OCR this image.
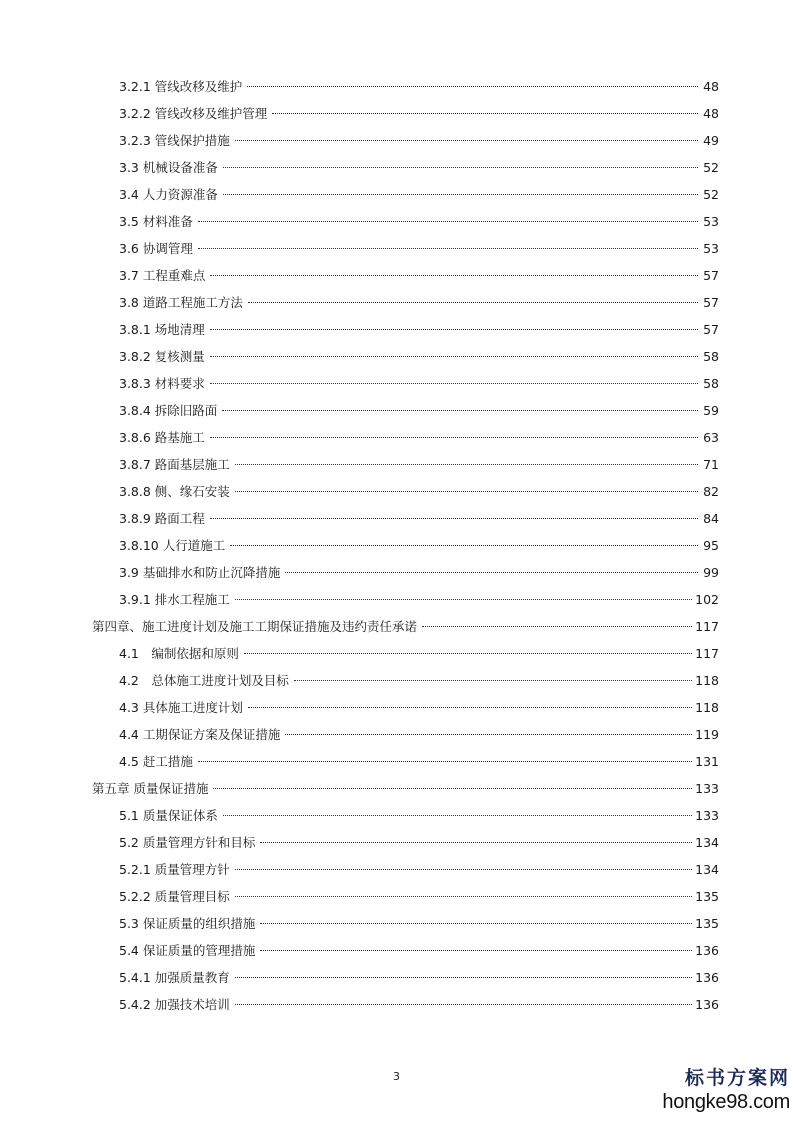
3.2.1 管线改移及维护	48
3.2.2 管线改移及维护管理	48
3.2.3 管线保护措施	49
3.3 机械设备准备	52
3.4 人力资源准备	52
3.5 材料准备	53
3.6 协调管理	53
3.7 工程重难点	57
3.8 道路工程施工方法	57
3.8.1 场地清理	57
3.8.2 复核测量	58
3.8.3 材料要求	58
3.8.4 拆除旧路面	59
3.8.6 路基施工	63
3.8.7 路面基层施工	71
3.8.8 侧、缘石安装	82
3.8.9 路面工程	84
3.8.10 人行道施工	95
3.9 基础排水和防止沉降措施	99
3.9.1 排水工程施工	102
第四章、施工进度计划及施工工期保证措施及违约责任承诺	117
4.1　编制依据和原则	117
4.2　总体施工进度计划及目标	118
4.3 具体施工进度计划	118
4.4 工期保证方案及保证措施	119
4.5 赶工措施	131
第五章 质量保证措施	133
5.1 质量保证体系	133
5.2 质量管理方针和目标	134
5.2.1 质量管理方针	134
5.2.2 质量管理目标	135
5.3 保证质量的组织措施	135
5.4 保证质量的管理措施	136
5.4.1 加强质量教育	136
5.4.2 加强技术培训	136
3	标书方案网
hongke98.com
